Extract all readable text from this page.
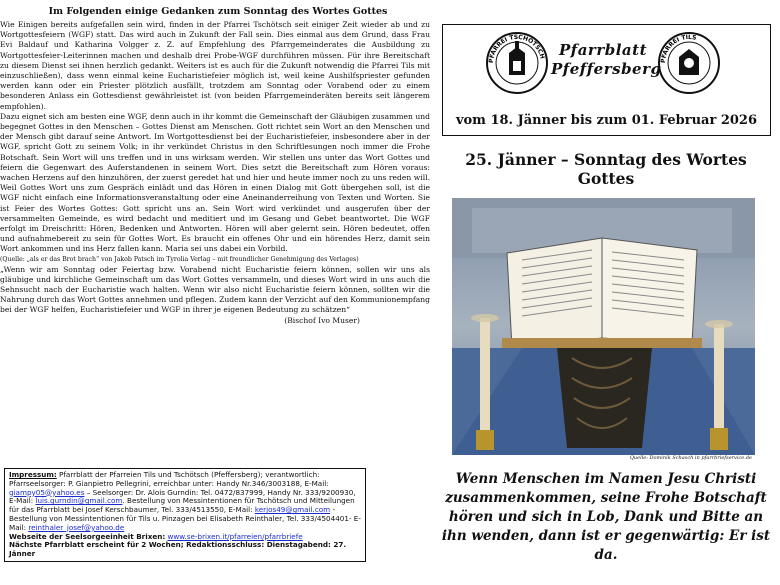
Im Folgenden einige Gedanken zum Sonntag des Wortes Gottes

Wie Einigen bereits aufgefallen sein wird, finden in der Pfarrei Tschötsch seit einiger Zeit wieder ab und zu Wortgottesfeiern (WGF) statt. Das wird auch in Zukunft der Fall sein. Dies einmal aus dem Grund, dass Frau Evi Baldauf und Katharina Volgger z. Z. auf Empfehlung des Pfarrgemeinderates die Ausbildung zu Wortgottesfeier-Leiterinnen machen und deshalb drei Probe-WGF durchführen müssen. Für ihre Bereitschaft zu diesem Dienst sei ihnen herzlich gedankt. Weiters ist es auch für die Zukunft notwendig die Pfarrei Tils mit einzuschließen), dass wenn einmal keine Eucharistiefeier möglich ist, weil keine Aushilfspriester gefunden werden kann oder ein Priester plötzlich ausfällt, trotzdem am Sonntag oder Vorabend oder zu einem besonderen Anlass ein Gottesdienst gewährleistet ist (von beiden Pfarrgemeinderäten bereits seit längerem empfohlen).

Dazu eignet sich am besten eine WGF, denn auch in ihr kommt die Gemeinschaft der Gläubigen zusammen und begegnet Gottes in den Menschen – Gottes Dienst am Menschen. Gott richtet sein Wort an den Menschen und der Mensch gibt darauf seine Antwort. Im Wortgottesdienst bei der Eucharistiefeier, insbesondere aber in der WGF, spricht Gott zu seinem Volk; in ihr verkündet Christus in den Schriftlesungen noch immer die Frohe Botschaft. Sein Wort will uns treffen und in uns wirksam werden. Wir stellen uns unter das Wort Gottes und feiern die Gegenwart des Auferstandenen in seinem Wort. Dies setzt die Bereitschaft zum Hören voraus: wachen Herzens auf den hinzuhören, der zuerst geredet hat und hier und heute immer noch zu uns reden will. Weil Gottes Wort uns zum Gespräch einlädt und das Hören in einen Dialog mit Gott übergehen soll, ist die WGF nicht einfach eine Informationsveranstaltung oder eine Aneinanderreihung von Texten und Worten. Sie ist Feier des Wortes Gottes: Gott spricht uns an. Sein Wort wird verkündet und ausgerufen über der versammelten Gemeinde, es wird bedacht und meditiert und im Gesang und Gebet beantwortet. Die WGF erfolgt im Dreischritt: Hören, Bedenken und Antworten. Hören will aber gelernt sein. Hören bedeutet, offen und aufnahmebereit zu sein für Gottes Wort. Es braucht ein offenes Ohr und ein hörendes Herz, damit sein Wort ankommen und ins Herz fallen kann. Maria sei uns dabei ein Vorbild.

(Quelle: „als er das Brot brach“ von Jakob Patsch im Tyrolia Verlag – mit freundlicher Genehmigung des Verlages)

„Wenn wir am Sonntag oder Feiertag bzw. Vorabend nicht Eucharistie feiern können, sollen wir uns als gläubige und kirchliche Gemeinschaft um das Wort Gottes versammeln, und dieses Wort wird in uns auch die Sehnsucht nach der Eucharistie wach halten. Wenn wir also nicht Eucharistie feiern können, sollten wir die Nahrung durch das Wort Gottes annehmen und pflegen. Zudem kann der Verzicht auf den Kommunionempfang bei der WGF helfen, Eucharistiefeier und WGF in ihrer je eigenen Bedeutung zu schätzen“

(Bischof Ivo Muser)

Impressum: Pfarrblatt der Pfarreien Tils und Tschötsch (Pfeffersberg); verantwortlich: Pfarrseelsorger: P. Gianpietro Pellegrini, erreichbar unter: Handy Nr.346/3003188, E-Mail: giampy05@yahoo.es – Seelsorger: Dr. Alois Gurndin: Tel. 0472/837999, Handy Nr. 333/9200930, E-Mail: luis.gurndin@gmail.com. Bestellung von Messintentionen für Tschötsch und Mitteilungen für das Pfarrblatt bei Josef Kerschbaumer, Tel. 333/4513550, E-Mail: kerjos49@gmail.com - Bestellung von Messintentionen für Tils u. Pinzagen bei Elisabeth Reinthaler, Tel. 333/4504401- E-Mail: reinthaler_josef@yahoo.de
Webseite der Seelsorgeeinheit Brixen: www.se-brixen.it/pfarreien/pfarrbriefe
Nächste Pfarrblatt erscheint für 2 Wochen; Redaktionsschluss: Dienstagabend: 27. Jänner
PFARREI TSCHÖTSCH Pfarrblatt
Pfeffersberg
PFARREI TILS
vom 18. Jänner bis zum 01. Februar 2026
25. Jänner – Sonntag des Wortes Gottes
Quelle: Dominik Schasch in pfarrbriefservice.de
Wenn Menschen im Namen Jesu Christi zusammenkommen, seine Frohe Botschaft hören und sich in Lob, Dank und Bitte an ihn wenden, dann ist er gegenwärtig: Er ist da.
